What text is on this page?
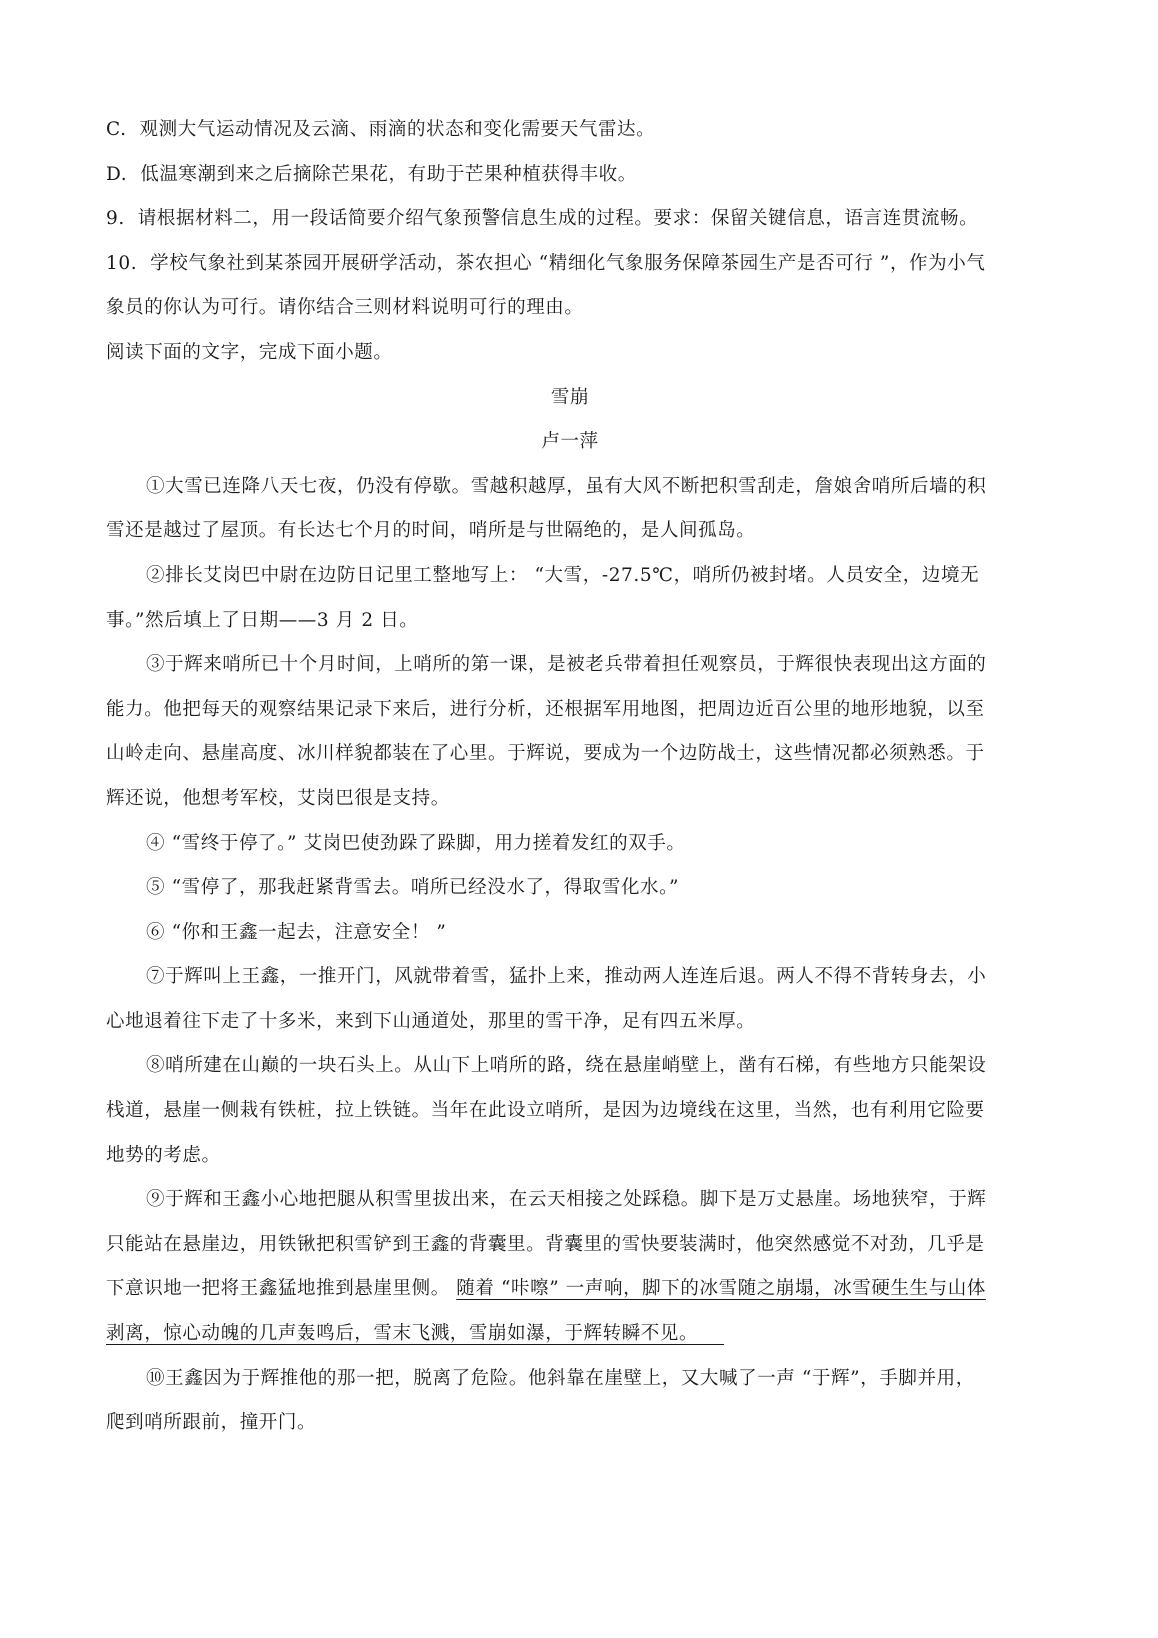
C.  观测大气运动情况及云滴、雨滴的状态和变化需要天气雷达。
D.  低温寒潮到来之后摘除芒果花，有助于芒果种植获得丰收。
9.  请根据材料二，用一段话简要介绍气象预警信息生成的过程。要求：保留关键信息，语言连贯流畅。
10.  学校气象社到某茶园开展研学活动，茶农担心 “精细化气象服务保障茶园生产是否可行 ”，作为小气
象员的你认为可行。请你结合三则材料说明可行的理由。
阅读下面的文字，完成下面小题。
雪崩
卢一萍
①大雪已连降八天七夜，仍没有停歇。雪越积越厚，虽有大风不断把积雪刮走，詹娘舍哨所后墙的积
雪还是越过了屋顶。有长达七个月的时间，哨所是与世隔绝的，是人间孤岛。
②排长艾岗巴中尉在边防日记里工整地写上： “大雪，-27.5℃，哨所仍被封堵。人员安全，边境无
事。”然后填上了日期——3 月 2 日。
③于辉来哨所已十个月时间，上哨所的第一课，是被老兵带着担任观察员，于辉很快表现出这方面的
能力。他把每天的观察结果记录下来后，进行分析，还根据军用地图，把周边近百公里的地形地貌，以至
山岭走向、悬崖高度、冰川样貌都装在了心里。于辉说，要成为一个边防战士，这些情况都必须熟悉。于
辉还说，他想考军校，艾岗巴很是支持。
④ “雪终于停了。” 艾岗巴使劲跺了跺脚，用力搓着发红的双手。
⑤ “雪停了，那我赶紧背雪去。哨所已经没水了，得取雪化水。”
⑥ “你和王鑫一起去，注意安全！ ”
⑦于辉叫上王鑫，一推开门，风就带着雪，猛扑上来，推动两人连连后退。两人不得不背转身去，小
心地退着往下走了十多米，来到下山通道处，那里的雪干净，足有四五米厚。
⑧哨所建在山巅的一块石头上。从山下上哨所的路，绕在悬崖峭壁上，凿有石梯，有些地方只能架设
栈道，悬崖一侧栽有铁桩，拉上铁链。当年在此设立哨所，是因为边境线在这里，当然，也有利用它险要
地势的考虑。
⑨于辉和王鑫小心地把腿从积雪里拔出来，在云天相接之处踩稳。脚下是万丈悬崖。场地狭窄，于辉
只能站在悬崖边，用铁锹把积雪铲到王鑫的背囊里。背囊里的雪快要装满时，他突然感觉不对劲，几乎是
下意识地一把将王鑫猛地推到悬崖里侧。 随着 “咔嚓” 一声响，脚下的冰雪随之崩塌，冰雪硬生生与山体
剥离，惊心动魄的几声轰鸣后，雪末飞溅，雪崩如瀑，于辉转瞬不见。
⑩王鑫因为于辉推他的那一把，脱离了危险。他斜靠在崖壁上，又大喊了一声 “于辉”，手脚并用，
爬到哨所跟前，撞开门。
